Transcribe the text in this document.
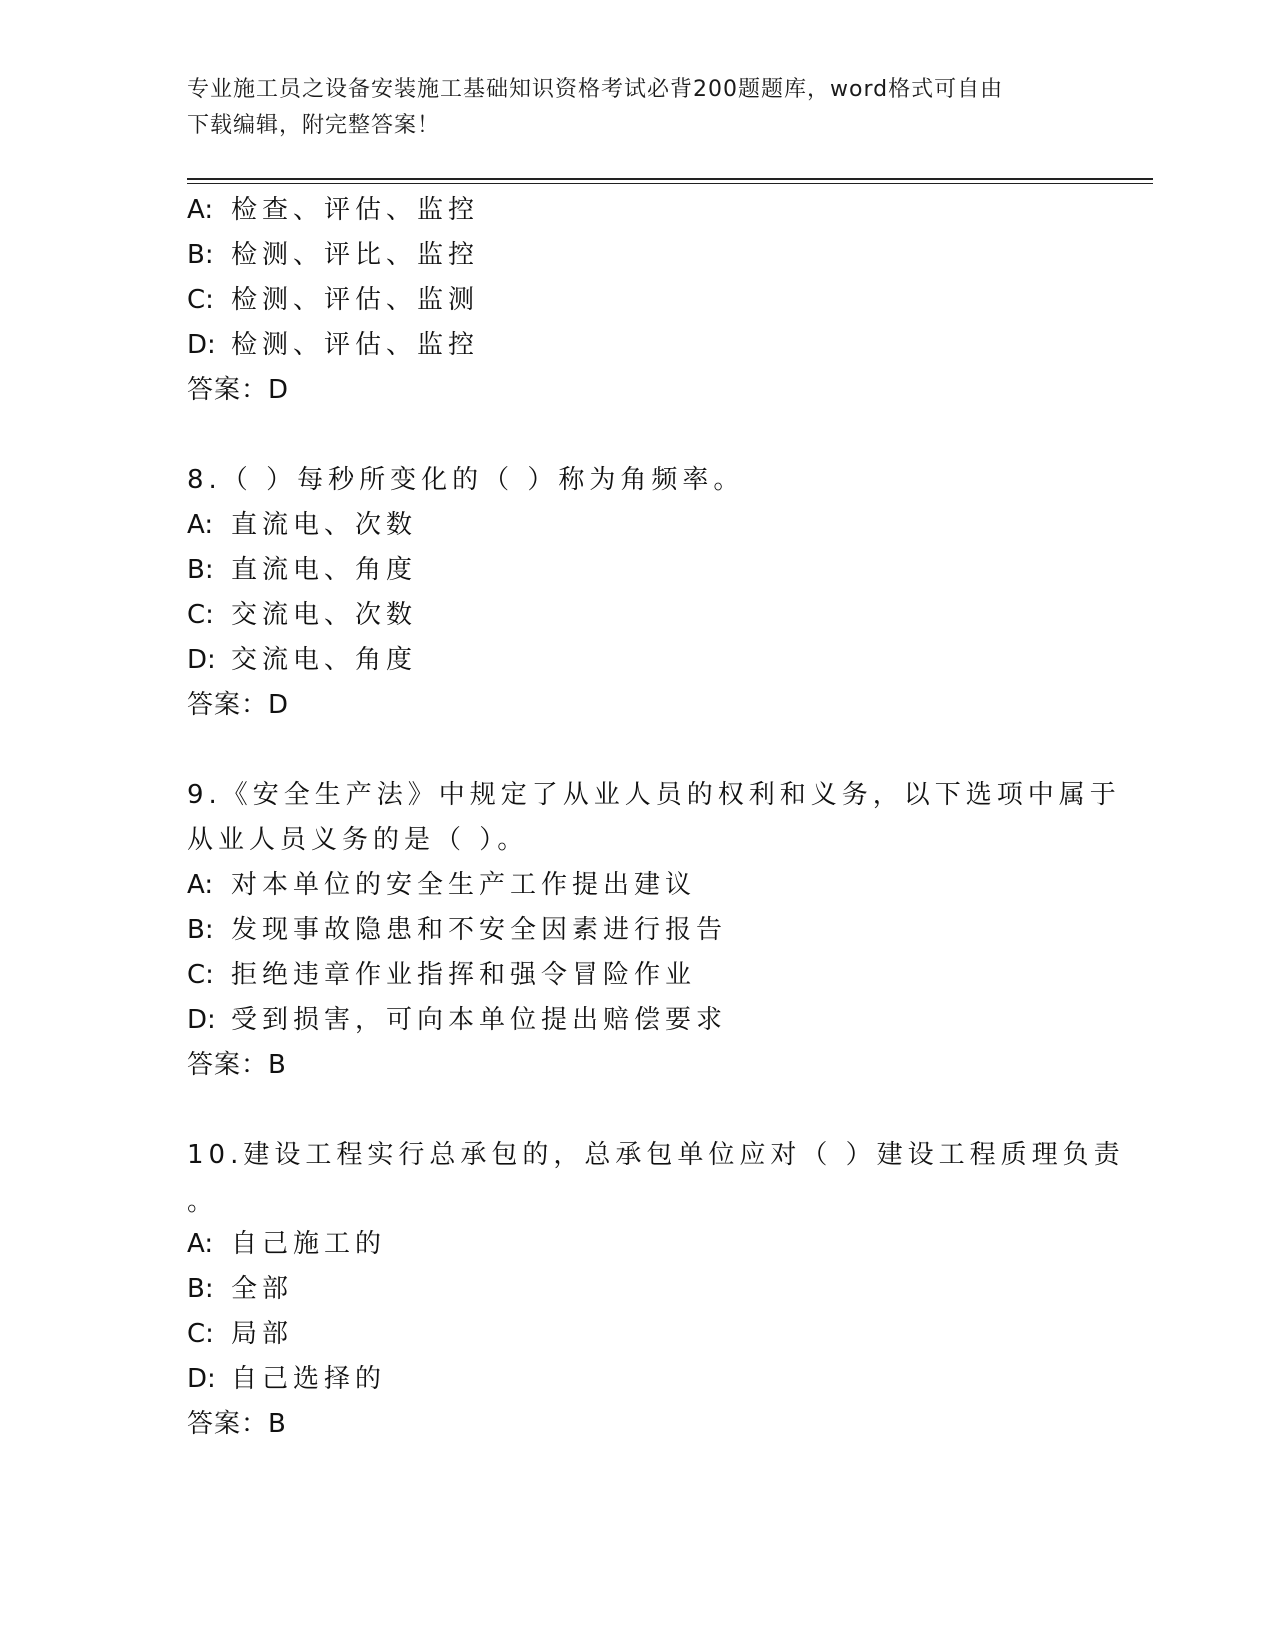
专业施工员之设备安装施工基础知识资格考试必背200题题库，word格式可自由
下载编辑，附完整答案！
A: 检查、评估、监控
B: 检测、评比、监控
C: 检测、评估、监测
D: 检测、评估、监控
答案：D
8.（ ）每秒所变化的（ ）称为角频率。
A: 直流电、次数
B: 直流电、角度
C: 交流电、次数
D: 交流电、角度
答案：D
9.《安全生产法》中规定了从业人员的权利和义务，以下选项中属于
从业人员义务的是（ ）。
A: 对本单位的安全生产工作提出建议
B: 发现事故隐患和不安全因素进行报告
C: 拒绝违章作业指挥和强令冒险作业
D: 受到损害，可向本单位提出赔偿要求
答案：B
10.建设工程实行总承包的，总承包单位应对（ ）建设工程质理负责
。
A: 自己施工的
B: 全部
C: 局部
D: 自己选择的
答案：B
